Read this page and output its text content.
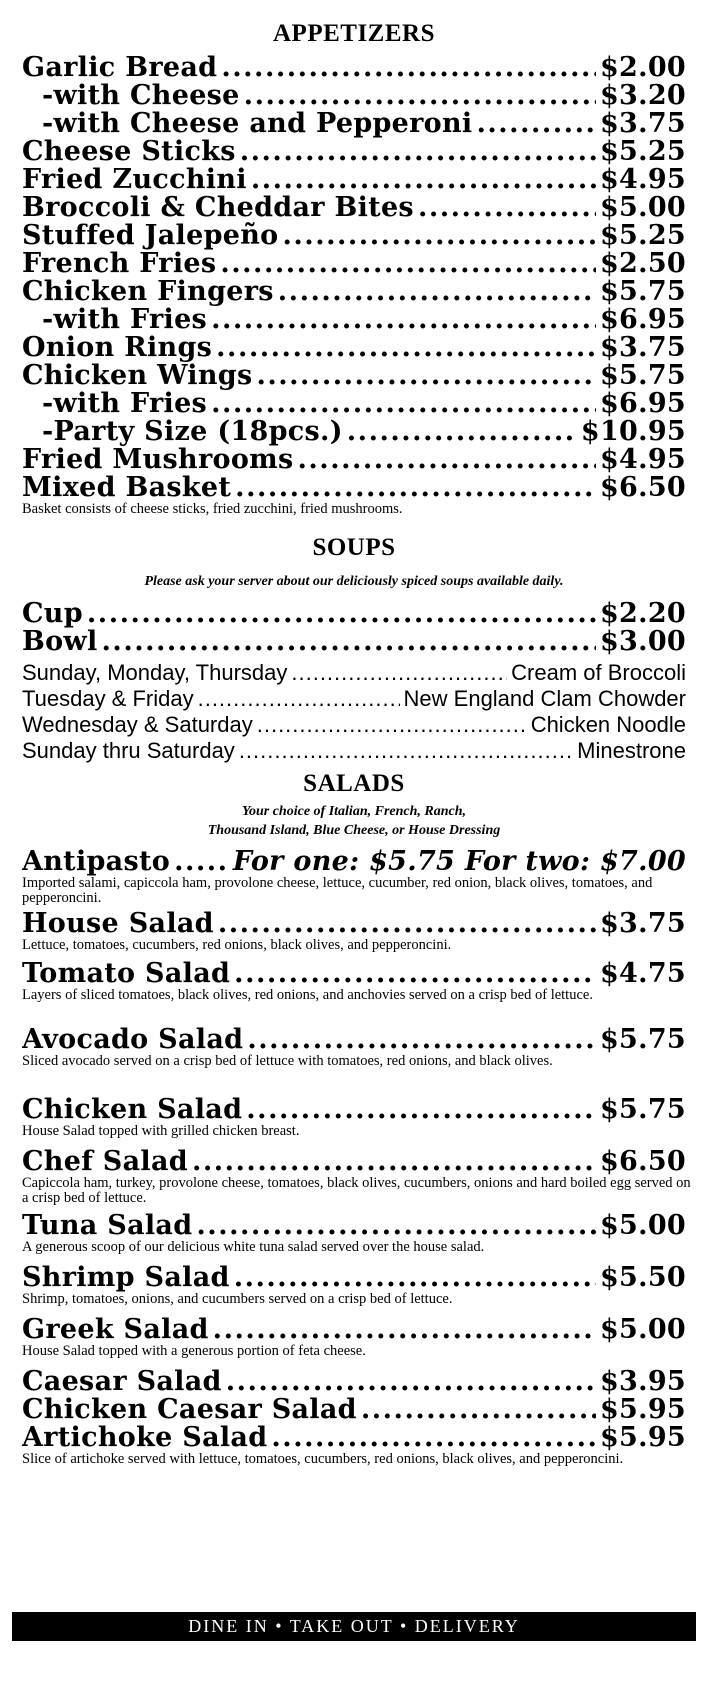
APPETIZERS
Garlic Bread .....	$2.00
-with Cheese .....	$3.20
-with Cheese and Pepperoni .....	$3.75
Cheese Sticks .....	$5.25
Fried Zucchini .....	$4.95
Broccoli & Cheddar Bites .....	$5.00
Stuffed Jalepeño .....	$5.25
French Fries .....	$2.50
Chicken Fingers .....	$5.75
-with Fries .....	$6.95
Onion Rings .....	$3.75
Chicken Wings .....	$5.75
-with Fries .....	$6.95
-Party Size (18pcs.) .....	$10.95
Fried Mushrooms .....	$4.95
Mixed Basket .....	$6.50
Basket consists of cheese sticks, fried zucchini, fried mushrooms.
SOUPS
Please ask your server about our deliciously spiced soups available daily.
Cup .....	$2.20
Bowl .....	$3.00
Sunday, Monday, Thursday .....	Cream of Broccoli
Tuesday & Friday .....	New England Clam Chowder
Wednesday & Saturday .....	Chicken Noodle
Sunday thru Saturday .....	Minestrone
SALADS
Your choice of Italian, French, Ranch,
Thousand Island, Blue Cheese, or House Dressing
Antipasto ..... For one: $5.75 For two: $7.00
Imported salami, capiccola ham, provolone cheese, lettuce, cucumber, red onion, black olives, tomatoes, and pepperoncini.
House Salad .....	$3.75
Lettuce, tomatoes, cucumbers, red onions, black olives, and pepperoncini.
Tomato Salad .....	$4.75
Layers of sliced tomatoes, black olives, red onions, and anchovies served on a crisp bed of lettuce.
Avocado Salad .....	$5.75
Sliced avocado served on a crisp bed of lettuce with tomatoes, red onions, and black olives.
Chicken Salad .....	$5.75
House Salad topped with grilled chicken breast.
Chef Salad .....	$6.50
Capiccola ham, turkey, provolone cheese, tomatoes, black olives, cucumbers, onions and hard boiled egg served on a crisp bed of lettuce.
Tuna Salad .....	$5.00
A generous scoop of our delicious white tuna salad served over the house salad.
Shrimp Salad .....	$5.50
Shrimp, tomatoes, onions, and cucumbers served on a crisp bed of lettuce.
Greek Salad .....	$5.00
House Salad topped with a generous portion of feta cheese.
Caesar Salad .....	$3.95
Chicken Caesar Salad .....	$5.95
Artichoke Salad .....	$5.95
Slice of artichoke served with lettuce, tomatoes, cucumbers, red onions, black olives, and pepperoncini.
DINE IN • TAKE OUT • DELIVERY
